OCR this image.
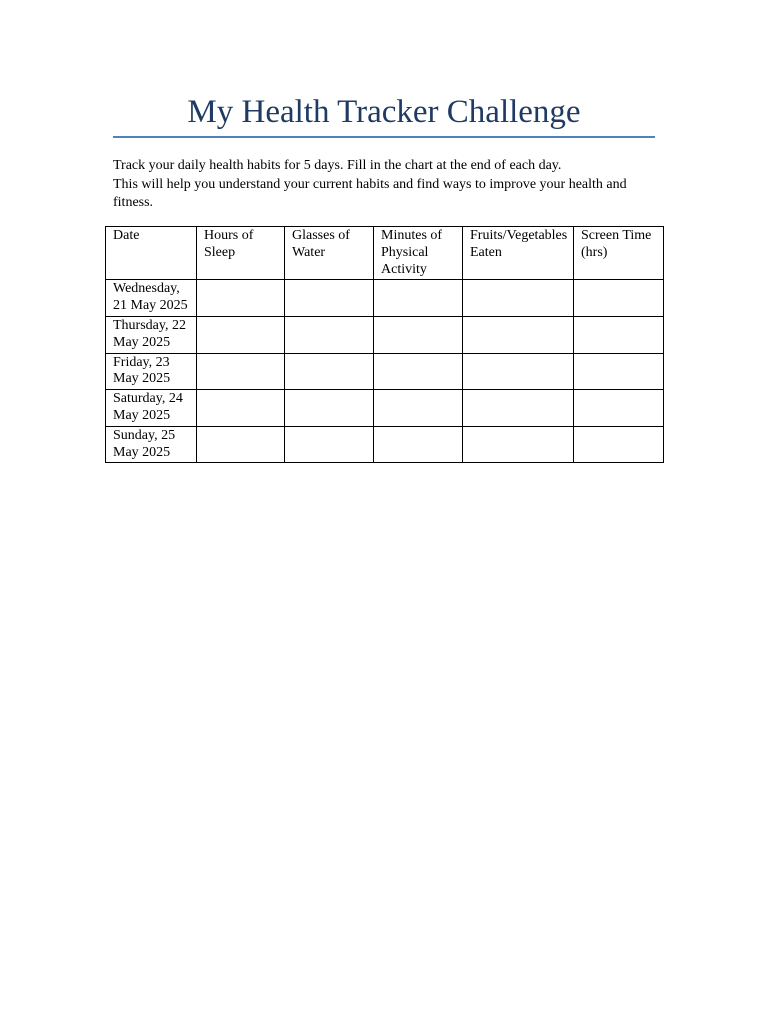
My Health Tracker Challenge

Track your daily health habits for 5 days. Fill in the chart at the end of each day.

This will help you understand your current habits and find ways to improve your health and fitness.

Date	Hours of Sleep	Glasses of Water	Minutes of Physical Activity	Fruits/Vegetables Eaten	Screen Time (hrs)
Wednesday, 21 May 2025					
Thursday, 22 May 2025					
Friday, 23 May 2025					
Saturday, 24 May 2025					
Sunday, 25 May 2025					
